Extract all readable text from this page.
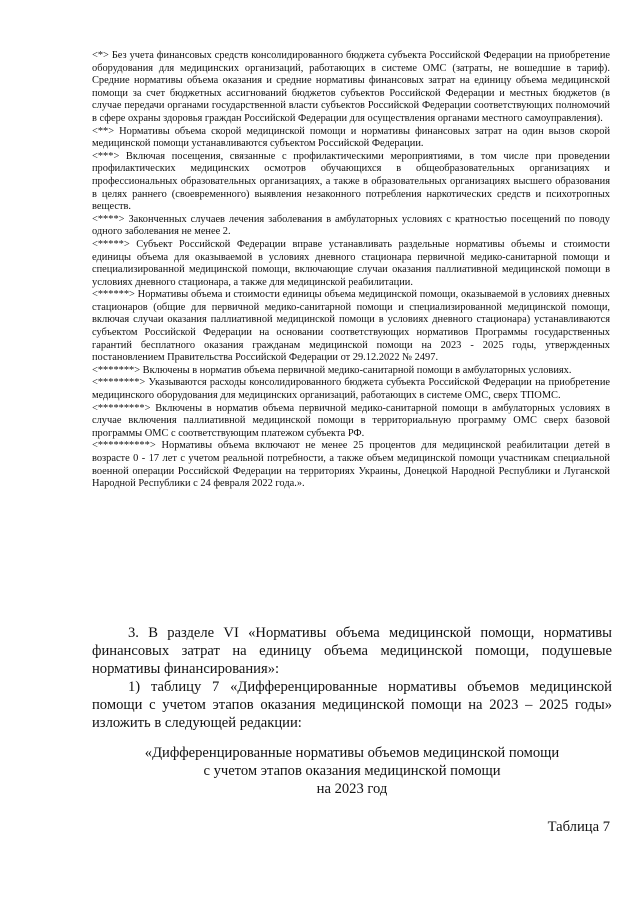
<*> Без учета финансовых средств консолидированного бюджета субъекта Российской Федерации на приобретение оборудования для медицинских организаций, работающих в системе ОМС (затраты, не вошедшие в тариф). Средние нормативы объема оказания и средние нормативы финансовых затрат на единицу объема медицинской помощи за счет бюджетных ассигнований бюджетов субъектов Российской Федерации и местных бюджетов (в случае передачи органами государственной власти субъектов Российской Федерации соответствующих полномочий в сфере охраны здоровья граждан Российской Федерации для осуществления органами местного самоуправления).

<**> Нормативы объема скорой медицинской помощи и нормативы финансовых затрат на один вызов скорой медицинской помощи устанавливаются субъектом Российской Федерации.

<***> Включая посещения, связанные с профилактическими мероприятиями, в том числе при проведении профилактических медицинских осмотров обучающихся в общеобразовательных организациях и профессиональных образовательных организациях, а также в образовательных организациях высшего образования в целях раннего (своевременного) выявления незаконного потребления наркотических средств и психотропных веществ.

<****> Законченных случаев лечения заболевания в амбулаторных условиях с кратностью посещений по поводу одного заболевания не менее 2.

<*****> Субъект Российской Федерации вправе устанавливать раздельные нормативы объемы и стоимости единицы объема для оказываемой в условиях дневного стационара первичной медико-санитарной помощи и специализированной медицинской помощи, включающие случаи оказания паллиативной медицинской помощи в условиях дневного стационара, а также для медицинской реабилитации.

<******> Нормативы объема и стоимости единицы объема медицинской помощи, оказываемой в условиях дневных стационаров (общие для первичной медико-санитарной помощи и специализированной медицинской помощи, включая случаи оказания паллиативной медицинской помощи в условиях дневного стационара) устанавливаются субъектом Российской Федерации на основании соответствующих нормативов Программы государственных гарантий бесплатного оказания гражданам медицинской помощи на 2023 - 2025 годы, утвержденных постановлением Правительства Российской Федерации от 29.12.2022 № 2497.

<*******> Включены в норматив объема первичной медико-санитарной помощи в амбулаторных условиях.

<********> Указываются расходы консолидированного бюджета субъекта Российской Федерации на приобретение медицинского оборудования для медицинских организаций, работающих в системе ОМС, сверх ТПОМС.

<*********> Включены в норматив объема первичной медико-санитарной помощи в амбулаторных условиях в случае включения паллиативной медицинской помощи в территориальную программу ОМС сверх базовой программы ОМС с соответствующим платежом субъекта РФ.

<**********> Нормативы объема включают не менее 25 процентов для медицинской реабилитации детей в возрасте 0 - 17 лет с учетом реальной потребности, а также объем медицинской помощи участникам специальной военной операции Российской Федерации на территориях Украины, Донецкой Народной Республики и Луганской Народной Республики с 24 февраля 2022 года.».

3. В разделе VI «Нормативы объема медицинской помощи, нормативы финансовых затрат на единицу объема медицинской помощи, подушевые нормативы финансирования»:

1) таблицу 7 «Дифференцированные нормативы объемов медицинской помощи с учетом этапов оказания медицинской помощи на 2023 – 2025 годы» изложить в следующей редакции:

«Дифференцированные нормативы объемов медицинской помощи
с учетом этапов оказания медицинской помощи
на 2023 год
Таблица 7
